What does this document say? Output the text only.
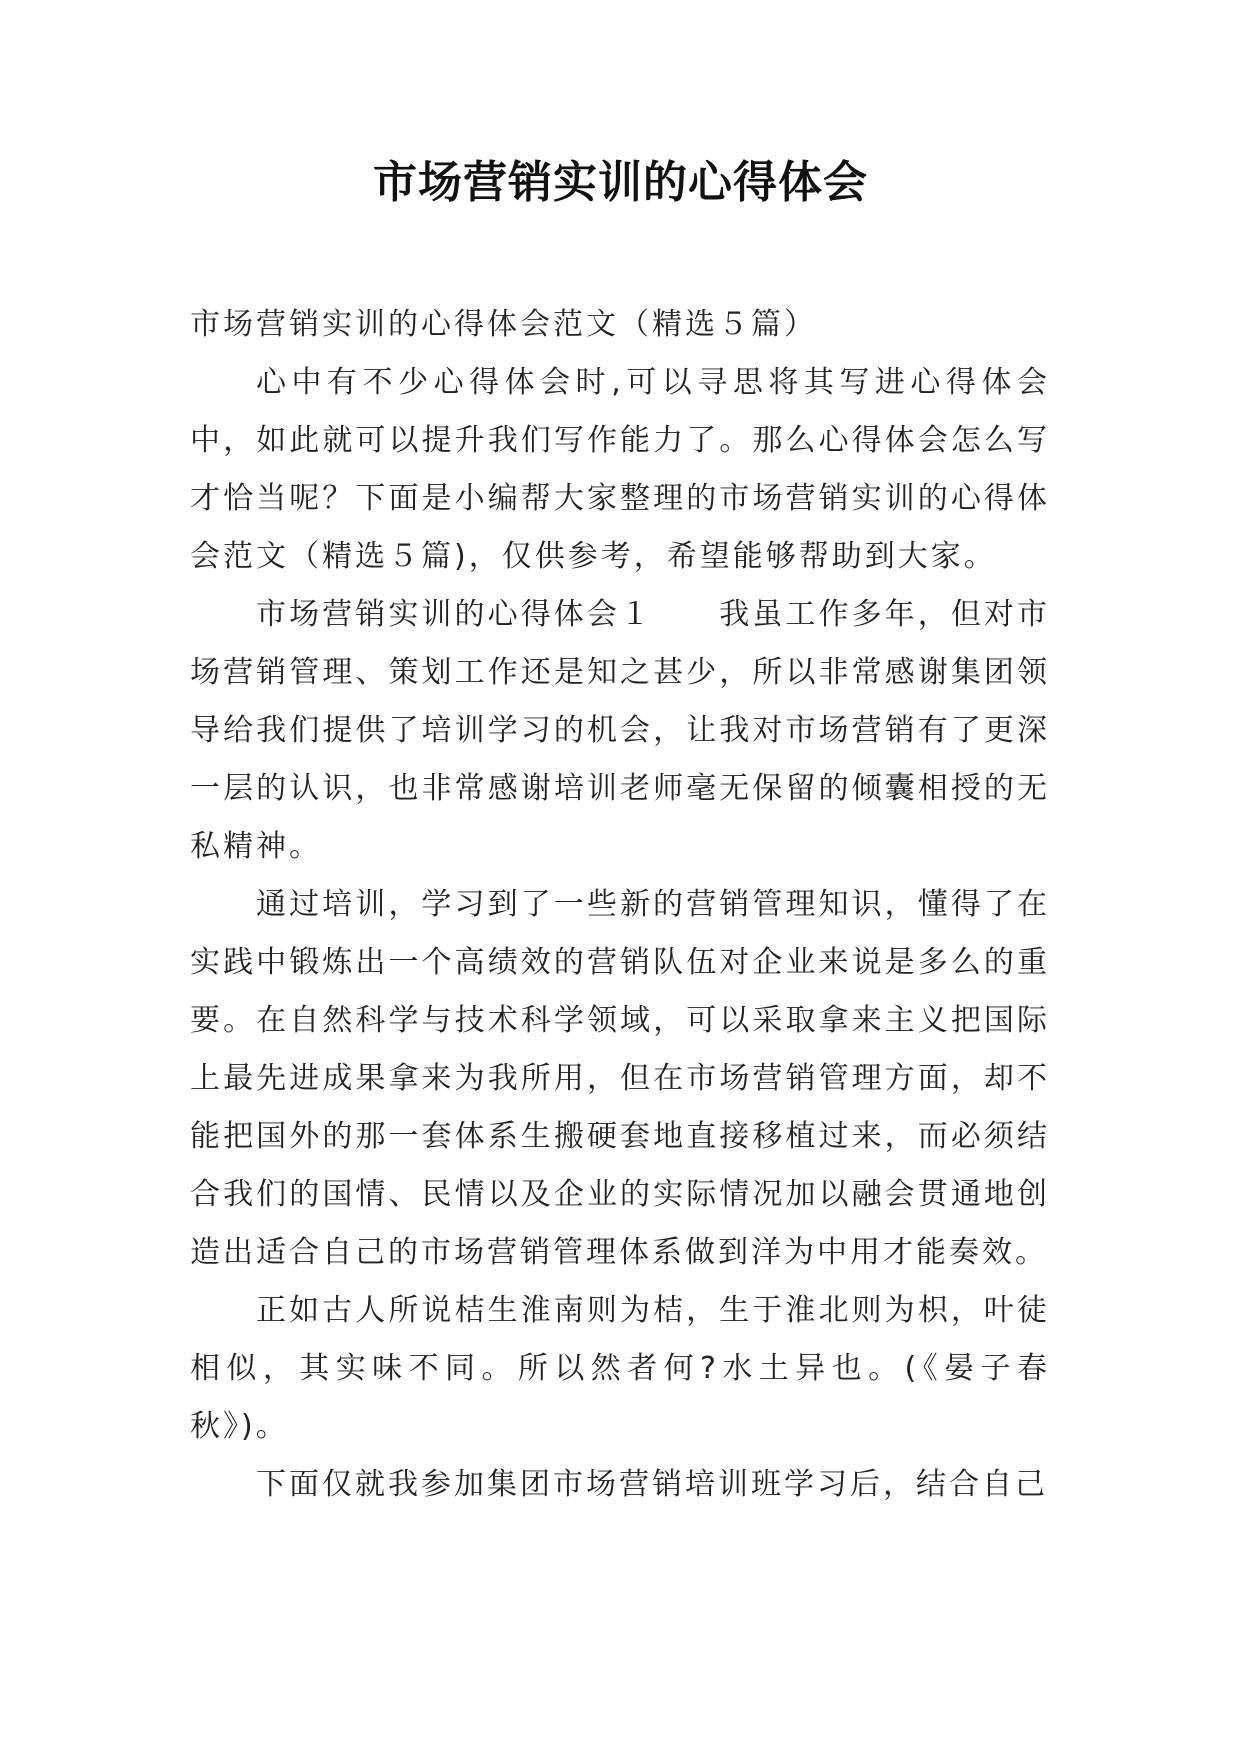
市场营销实训的心得体会

市场营销实训的心得体会范文（精选５篇）

心中有不少心得体会时,可以寻思将其写进心得体会中，如此就可以提升我们写作能力了。那么心得体会怎么写才恰当呢？下面是小编帮大家整理的市场营销实训的心得体会范文（精选５篇)，仅供参考，希望能够帮助到大家。

市场营销实训的心得体会１　　我虽工作多年，但对市场营销管理、策划工作还是知之甚少，所以非常感谢集团领导给我们提供了培训学习的机会，让我对市场营销有了更深一层的认识，也非常感谢培训老师毫无保留的倾囊相授的无私精神。

通过培训，学习到了一些新的营销管理知识，懂得了在实践中锻炼出一个高绩效的营销队伍对企业来说是多么的重要。在自然科学与技术科学领域，可以采取拿来主义把国际上最先进成果拿来为我所用，但在市场营销管理方面，却不能把国外的那一套体系生搬硬套地直接移植过来，而必须结合我们的国情、民情以及企业的实际情况加以融会贯通地创造出适合自己的市场营销管理体系做到洋为中用才能奏效。

正如古人所说桔生淮南则为桔，生于淮北则为枳，叶徒相似，其实味不同。所以然者何?水土异也。(《晏子春秋》)。

下面仅就我参加集团市场营销培训班学习后，结合自己
